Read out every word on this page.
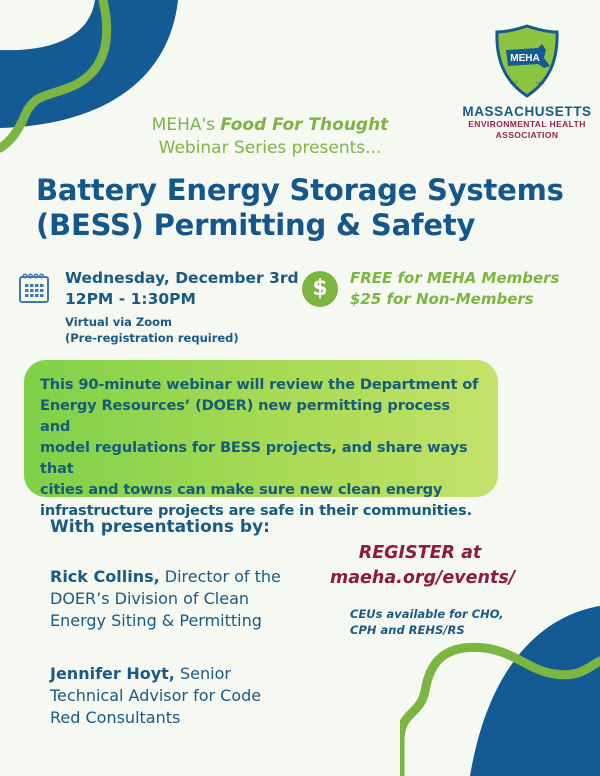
MEHA
EST.	1948
MASSACHUSETTS
ENVIRONMENTAL HEALTH
ASSOCIATION
MEHA's Food For Thought
Webinar Series presents...
Battery Energy Storage Systems
(BESS) Permitting & Safety
Wednesday, December 3rd
12PM - 1:30PM
Virtual via Zoom
(Pre-registration required)
$	FREE for MEHA Members
$25 for Non-Members
This 90-minute webinar will review the Department of
Energy Resources’ (DOER) new permitting process and
model regulations for BESS projects, and share ways that
cities and towns can make sure new clean energy
infrastructure projects are safe in their communities.
With presentations by:
Rick Collins, Director of the
DOER’s Division of Clean
Energy Siting & Permitting
Jennifer Hoyt, Senior
Technical Advisor for Code
Red Consultants
REGISTER at
maeha.org/events/
CEUs available for CHO,
CPH and REHS/RS
